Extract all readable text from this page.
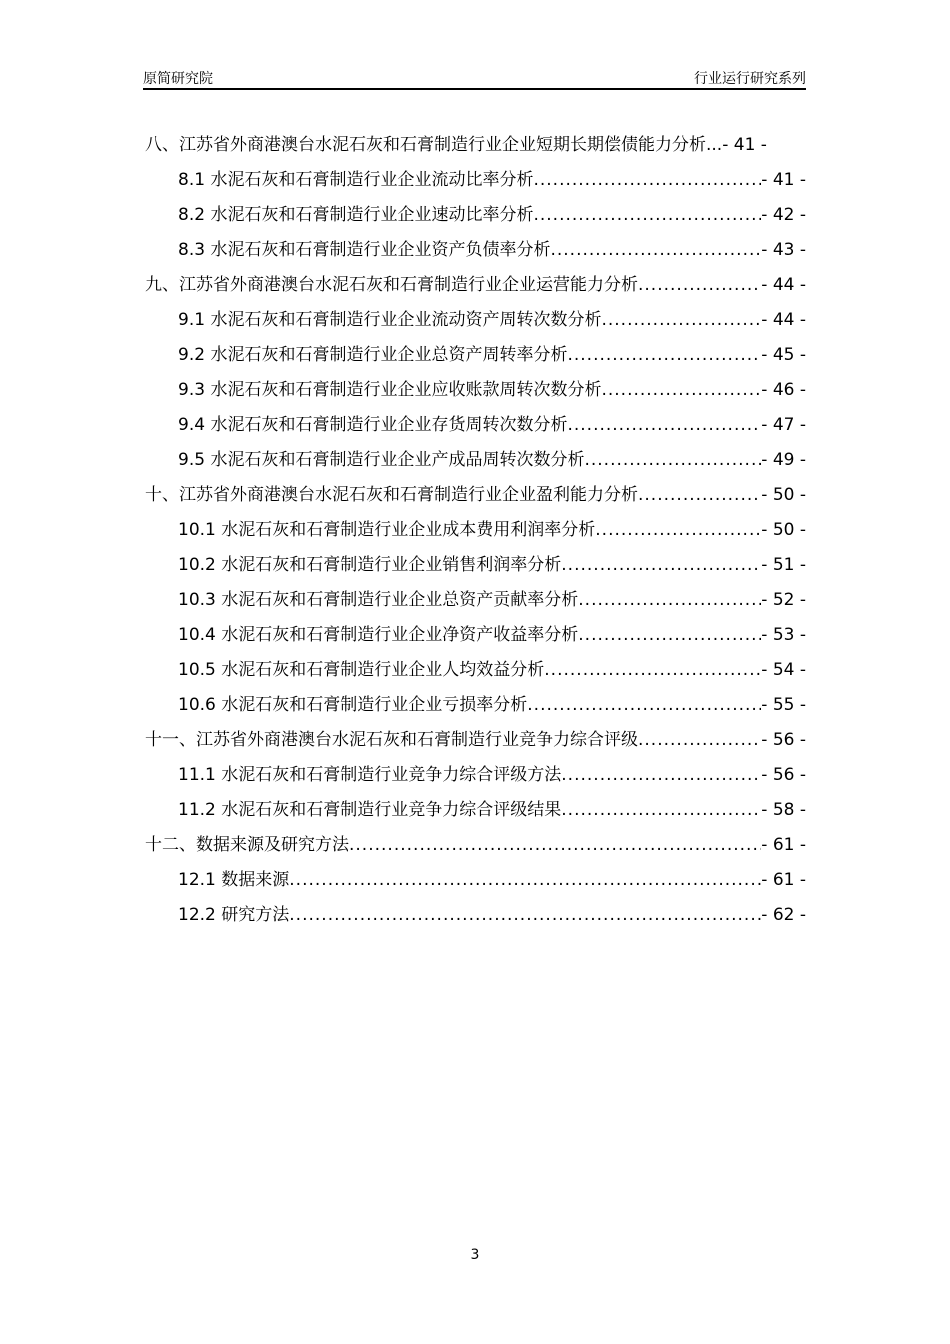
原简研究院	行业运行研究系列
八、江苏省外商港澳台水泥石灰和石膏制造行业企业短期长期偿债能力分析...- 41 -
8.1 水泥石灰和石膏制造行业企业流动比率分析 .....	- 41 -
8.2 水泥石灰和石膏制造行业企业速动比率分析 .....	- 42 -
8.3 水泥石灰和石膏制造行业企业资产负债率分析 .....	- 43 -
九、江苏省外商港澳台水泥石灰和石膏制造行业企业运营能力分析 .....	- 44 -
9.1 水泥石灰和石膏制造行业企业流动资产周转次数分析 .....	- 44 -
9.2 水泥石灰和石膏制造行业企业总资产周转率分析 .....	- 45 -
9.3 水泥石灰和石膏制造行业企业应收账款周转次数分析 .....	- 46 -
9.4 水泥石灰和石膏制造行业企业存货周转次数分析 .....	- 47 -
9.5 水泥石灰和石膏制造行业企业产成品周转次数分析 .....	- 49 -
十、江苏省外商港澳台水泥石灰和石膏制造行业企业盈利能力分析 .....	- 50 -
10.1 水泥石灰和石膏制造行业企业成本费用利润率分析 .....	- 50 -
10.2 水泥石灰和石膏制造行业企业销售利润率分析 .....	- 51 -
10.3 水泥石灰和石膏制造行业企业总资产贡献率分析 .....	- 52 -
10.4 水泥石灰和石膏制造行业企业净资产收益率分析 .....	- 53 -
10.5 水泥石灰和石膏制造行业企业人均效益分析 .....	- 54 -
10.6 水泥石灰和石膏制造行业企业亏损率分析 .....	- 55 -
十一、江苏省外商港澳台水泥石灰和石膏制造行业竞争力综合评级 .....	- 56 -
11.1 水泥石灰和石膏制造行业竞争力综合评级方法 .....	- 56 -
11.2 水泥石灰和石膏制造行业竞争力综合评级结果 .....	- 58 -
十二、数据来源及研究方法 .....	- 61 -
12.1 数据来源 .....	- 61 -
12.2 研究方法 .....	- 62 -
3
